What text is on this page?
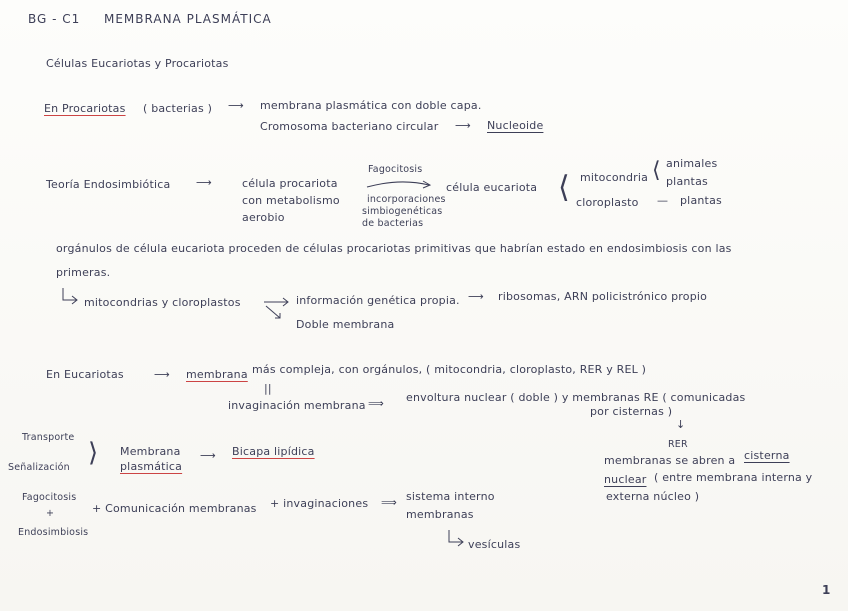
BG - C1 MEMBRANA PLASMÁTICA
Células Eucariotas y Procariotas
En Procariotas ( bacterias ) ⟶ membrana plasmática con doble capa.
Cromosoma bacteriano circular ⟶ Nucleoide
Teoría Endosimbiótica ⟶	célula procariota
con metabolismo
aerobio
Fagocitosis
incorporaciones
simbiogenéticas
de bacterias
célula eucariota ⟨ mitocondria
cloroplasto
⟨ animales
plantas
— plantas
orgánulos de célula eucariota proceden de células procariotas primitivas que habrían estado en endosimbiosis con las
primeras.
mitocondrias y cloroplastos	información genética propia. ⟶ ribosomas, ARN policistrónico propio
Doble membrana
En Eucariotas	⟶ membrana más compleja, con orgánulos, ( mitocondria, cloroplasto, RER y REL )
||
invaginación membrana ⟹ envoltura nuclear ( doble ) y membranas RE ( comunicadas
por cisternas )
↓
RER
membranas se abren a cisterna
nuclear ( entre membrana interna y
externa núcleo )
Transporte
Señalización ⟩ Membrana
plasmática
⟶ Bicapa lipídica
Fagocitosis
+
Endosimbiosis
+ Comunicación membranas + invaginaciones ⟹ sistema interno
membranas
vesículas
1
